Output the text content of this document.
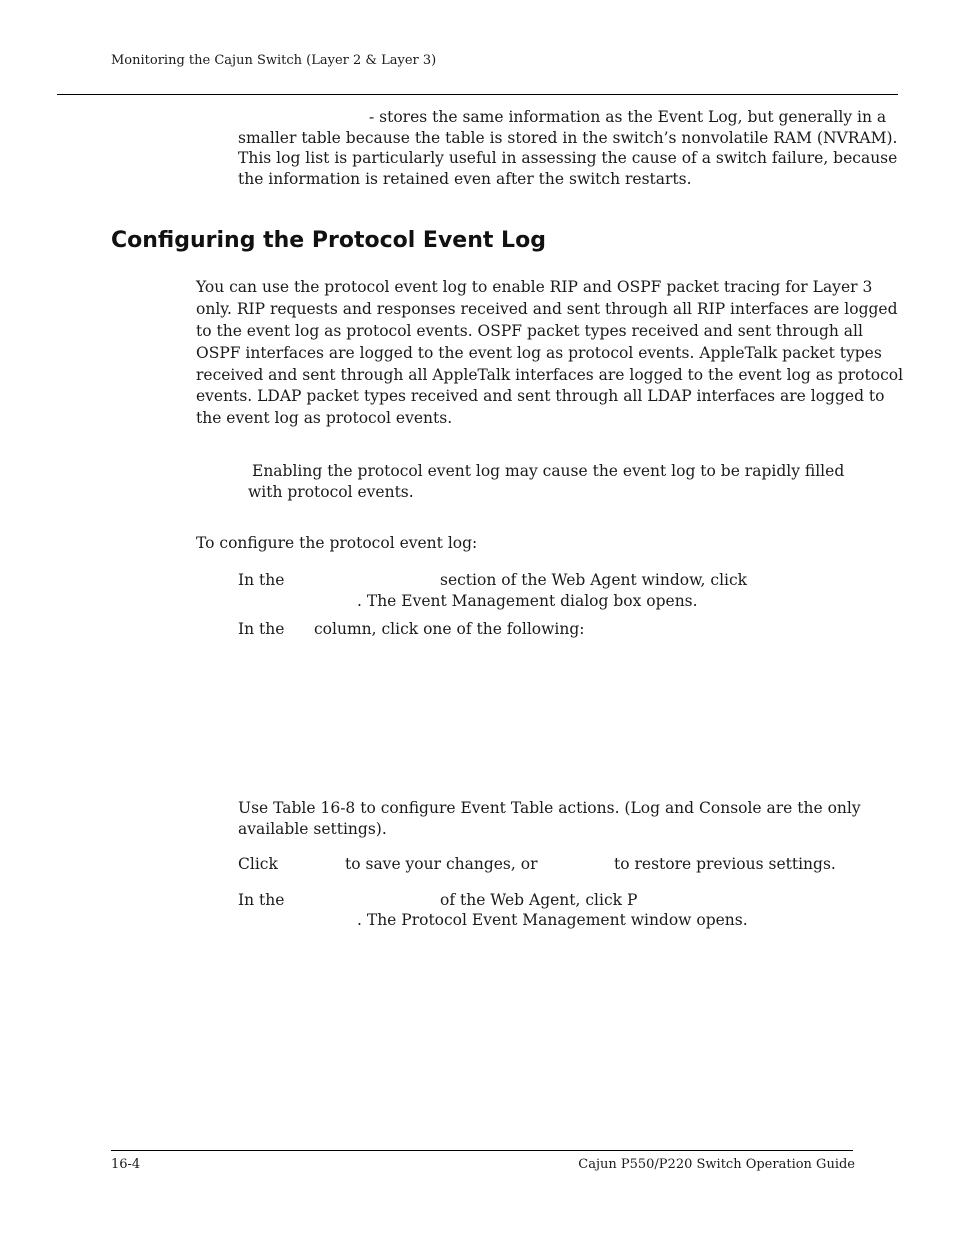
Monitoring the Cajun Switch (Layer 2 & Layer 3)
- stores the same information as the Event Log, but generally in a
smaller table because the table is stored in the switch’s nonvolatile RAM (NVRAM).
This log list is particularly useful in assessing the cause of a switch failure, because
the information is retained even after the switch restarts.
Configuring the Protocol Event Log
You can use the protocol event log to enable RIP and OSPF packet tracing for Layer 3
only. RIP requests and responses received and sent through all RIP interfaces are logged
to the event log as protocol events. OSPF packet types received and sent through all
OSPF interfaces are logged to the event log as protocol events. AppleTalk packet types
received and sent through all AppleTalk interfaces are logged to the event log as protocol
events. LDAP packet types received and sent through all LDAP interfaces are logged to
the event log as protocol events.
Enabling the protocol event log may cause the event log to be rapidly filled
with protocol events.
To configure the protocol event log:
In the	section of the Web Agent window, click
. The Event Management dialog box opens.
In the column, click one of the following:
Use Table 16-8 to configure Event Table actions. (Log and Console are the only
available settings).
Click	to save your changes, or	to restore previous settings.
In the	of the Web Agent, click P
. The Protocol Event Management window opens.
16-4	Cajun P550/P220 Switch Operation Guide
